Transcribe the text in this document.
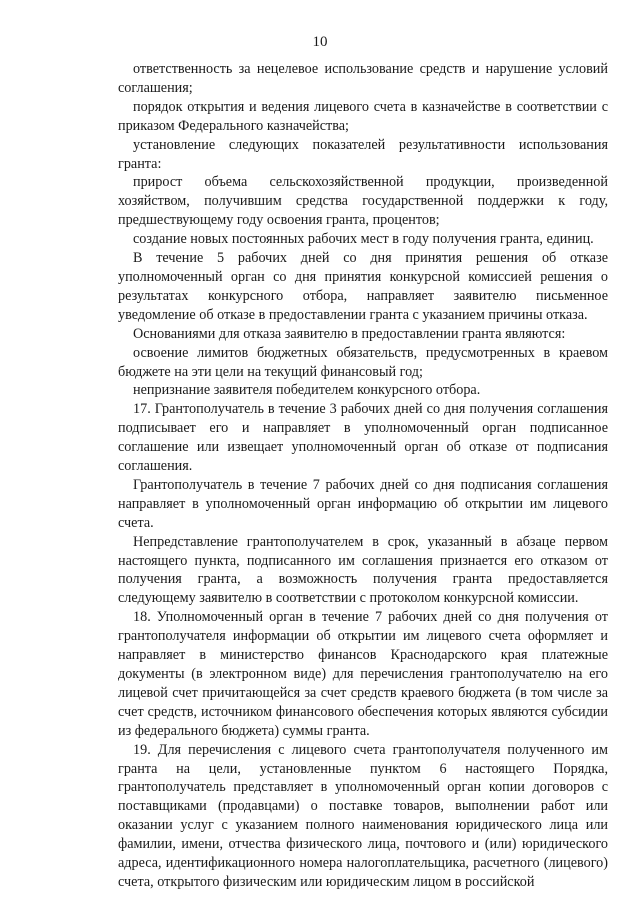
10

ответственность за нецелевое использование средств и нарушение условий соглашения;

порядок открытия и ведения лицевого счета в казначействе в соответствии с приказом Федерального казначейства;

установление следующих показателей результативности использования гранта:

прирост объема сельскохозяйственной продукции, произведенной хозяйством, получившим средства государственной поддержки к году, предшествующему году освоения гранта, процентов;

создание новых постоянных рабочих мест в году получения гранта, единиц.

В течение 5 рабочих дней со дня принятия решения об отказе уполномоченный орган со дня принятия конкурсной комиссией решения о результатах конкурсного отбора, направляет заявителю письменное уведомление об отказе в предоставлении гранта с указанием причины отказа.

Основаниями для отказа заявителю в предоставлении гранта являются:

освоение лимитов бюджетных обязательств, предусмотренных в краевом бюджете на эти цели на текущий финансовый год;

непризнание заявителя победителем конкурсного отбора.

17. Грантополучатель в течение 3 рабочих дней со дня получения соглашения подписывает его и направляет в уполномоченный орган подписанное соглашение или извещает уполномоченный орган об отказе от подписания соглашения.

Грантополучатель в течение 7 рабочих дней со дня подписания соглашения направляет в уполномоченный орган информацию об открытии им лицевого счета.

Непредставление грантополучателем в срок, указанный в абзаце первом настоящего пункта, подписанного им соглашения признается его отказом от получения гранта, а возможность получения гранта предоставляется следующему заявителю в соответствии с протоколом конкурсной комиссии.

18. Уполномоченный орган в течение 7 рабочих дней со дня получения от грантополучателя информации об открытии им лицевого счета оформляет и направляет в министерство финансов Краснодарского края платежные документы (в электронном виде) для перечисления грантополучателю на его лицевой счет причитающейся за счет средств краевого бюджета (в том числе за счет средств, источником финансового обеспечения которых являются субсидии из федерального бюджета) суммы гранта.

19. Для перечисления с лицевого счета грантополучателя полученного им гранта на цели, установленные пунктом 6 настоящего Порядка, грантополучатель представляет в уполномоченный орган копии договоров с поставщиками (продавцами) о поставке товаров, выполнении работ или оказании услуг с указанием полного наименования юридического лица или фамилии, имени, отчества физического лица, почтового и (или) юридического адреса, идентификационного номера налогоплательщика, расчетного (лицевого) счета, открытого физическим или юридическим лицом в российской
